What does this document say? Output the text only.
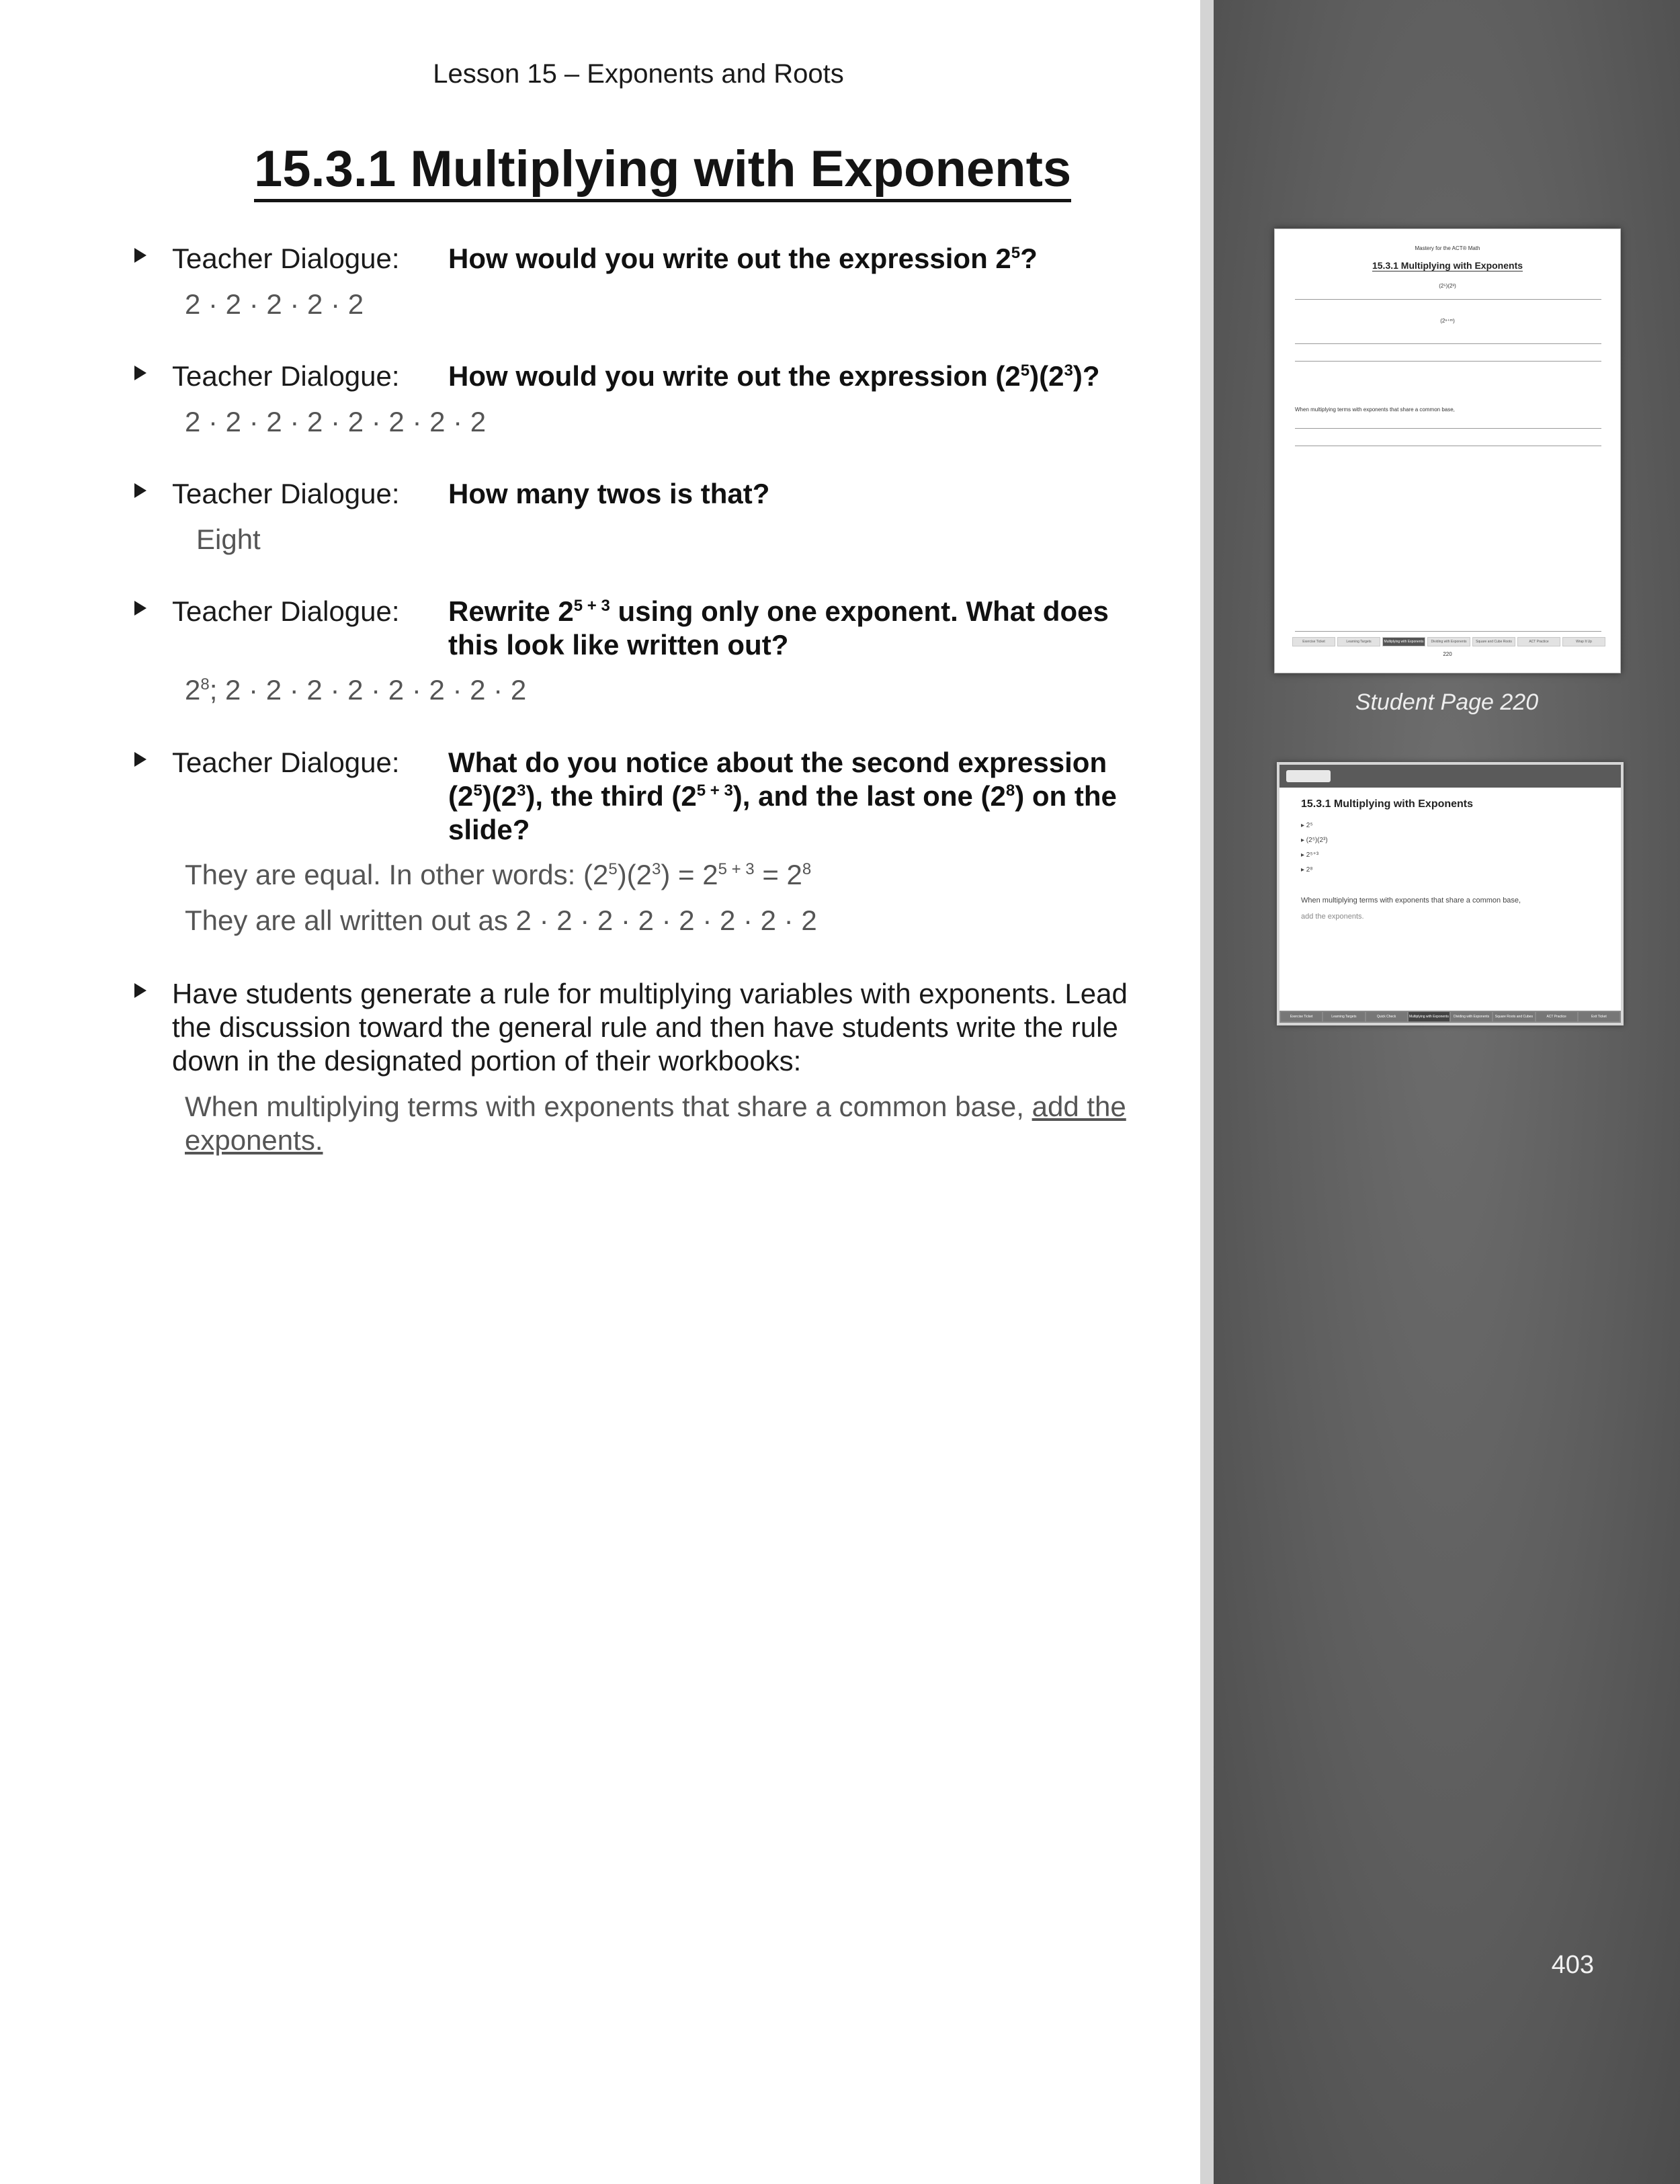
Lesson 15 – Exponents and Roots
15.3.1 Multiplying with Exponents
Teacher Dialogue: How would you write out the expression $2^5$?
2 · 2 · 2 · 2 · 2
Teacher Dialogue: How would you write out the expression $(2^5)(2^3)$?
2 · 2 · 2 · 2 · 2 · 2 · 2 · 2
Teacher Dialogue: How many twos is that?
Eight
Teacher Dialogue: Rewrite $2^{5 + 3}$ using only one exponent. What does this look like written out?
$2^8$; 2 · 2 · 2 · 2 · 2 · 2 · 2 · 2
Teacher Dialogue: What do you notice about the second expression $(2^5)(2^3)$, the third $(2^{5 + 3})$, and the last one $(2^8)$ on the slide?
They are equal. In other words: $(2^5)(2^3) = 2^{5 + 3} = 2^8$
They are all written out as 2 · 2 · 2 · 2 · 2 · 2 · 2 · 2
Have students generate a rule for multiplying variables with exponents. Lead the discussion toward the general rule and then have students write the rule down in the designated portion of their workbooks:
When multiplying terms with exponents that share a common base, add the exponents.
Mastery for the ACT® Math
15.3.1 Multiplying with Exponents
(2⁵)(2³)
(2ⁿ⁺ᵐ)
When multiplying terms with exponents that share a common base,
Exercise Ticket	Learning Targets	Multiplying with Exponents	Dividing with Exponents	Square and Cube Roots	ACT Practice	Wrap It Up
220
Student Page 220
15.3.1 Multiplying with Exponents
▸ 2⁵
▸ (2⁵)(2³)
▸ 2⁵⁺³
▸ 2⁸
When multiplying terms with exponents that share a common base,
add the exponents.
Exercise Ticket	Learning Targets	Quick Check	Multiplying with Exponents	Dividing with Exponents	Square Roots and Cubes	ACT Practice	Exit Ticket
403
